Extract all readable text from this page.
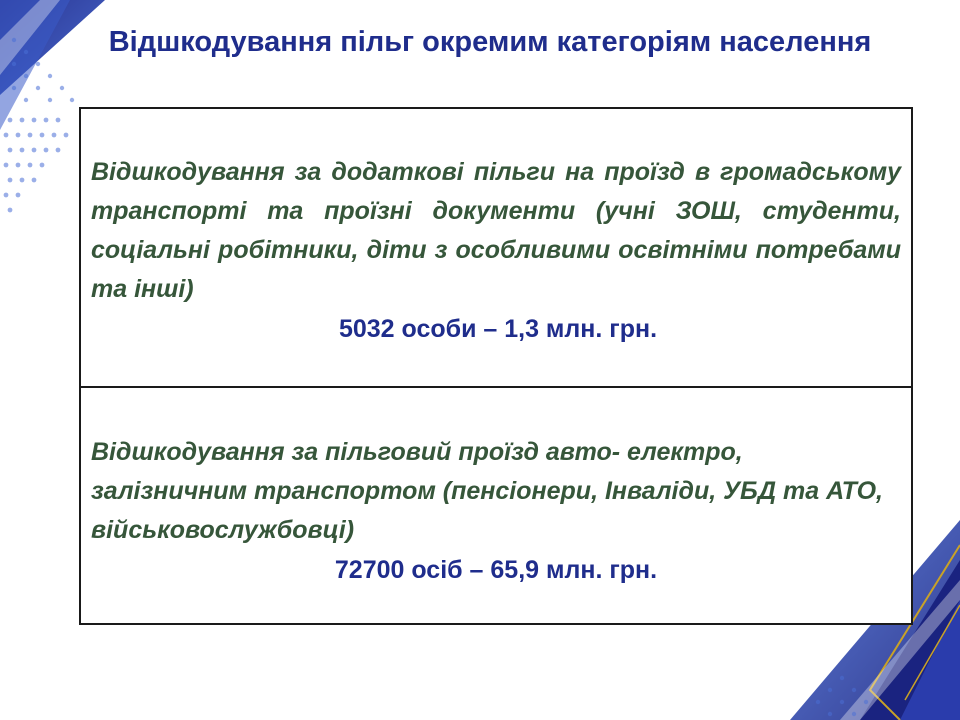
Відшкодування пільг окремим категоріям населення

Відшкодування за додаткові пільги на проїзд в громадському транспорті та проїзні документи (учні ЗОШ, студенти, соціальні робітники, діти з особливими освітніми потребами та інші)

5032 особи – 1,3 млн. грн.

Відшкодування за пільговий проїзд авто- електро, залізничним транспортом (пенсіонери, Інваліди, УБД та АТО, військовослужбовці)

72700 осіб – 65,9 млн. грн.
